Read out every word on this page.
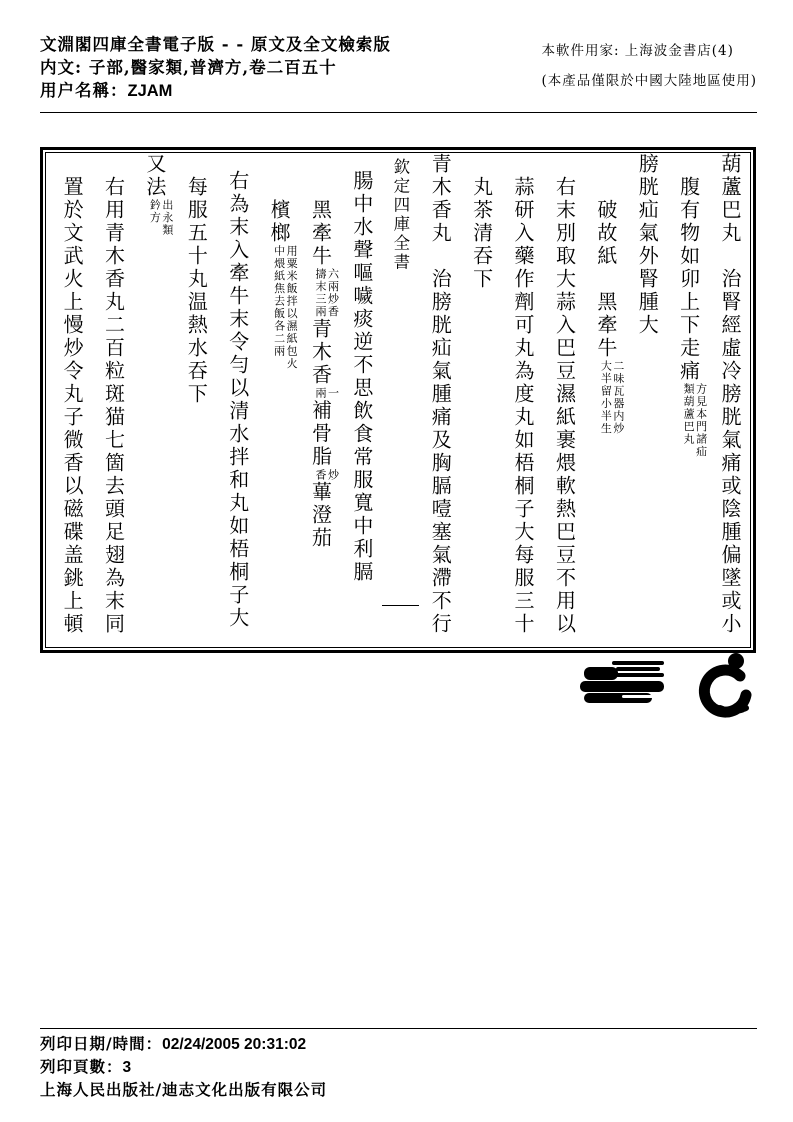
文淵閣四庫全書電子版 - - 原文及全文檢索版
内文: 子部,醫家類,普濟方,卷二百五十
用户名稱：ZJAM
本軟件用家: 上海波金書店(4)
(本產品僅限於中國大陸地區使用)
葫蘆巴丸　治腎經虛冷膀胱氣痛或陰腫偏墜或小
腹有物如卯上下走痛
方見本門諸疝
類葫蘆巴丸
膀胱疝氣外腎腫大
破故紙　黑牽牛
二味瓦器内炒
大半留小半生
右末別取大蒜入巴豆濕紙裹煨軟熱巴豆不用以
蒜研入藥作劑可丸為度丸如梧桐子大每服三十
丸茶清吞下
青木香丸　治膀胱疝氣腫痛及胸膈噎塞氣滯不行
欽定四庫全書
腸中水聲嘔噦痰逆不思飲食常服寬中利膈
黑牽牛
六兩炒香
擣末三兩
青木香
一
兩
補骨脂
炒
香
蓽澄茄
檳榔
用粟米飯拌以濕紙包火
中煨紙焦去飯各二兩
右為末入牽牛末令勻以清水拌和丸如梧桐子大
每服五十丸温熱水吞下
又法
出永類
鈐方
右用青木香丸二百粒斑猫七箇去頭足翅為末同
置於文武火上慢炒令丸子微香以磁碟盖銚上頓
列印日期/時間：02/24/2005 20:31:02
列印頁數：3
上海人民出版社/迪志文化出版有限公司
